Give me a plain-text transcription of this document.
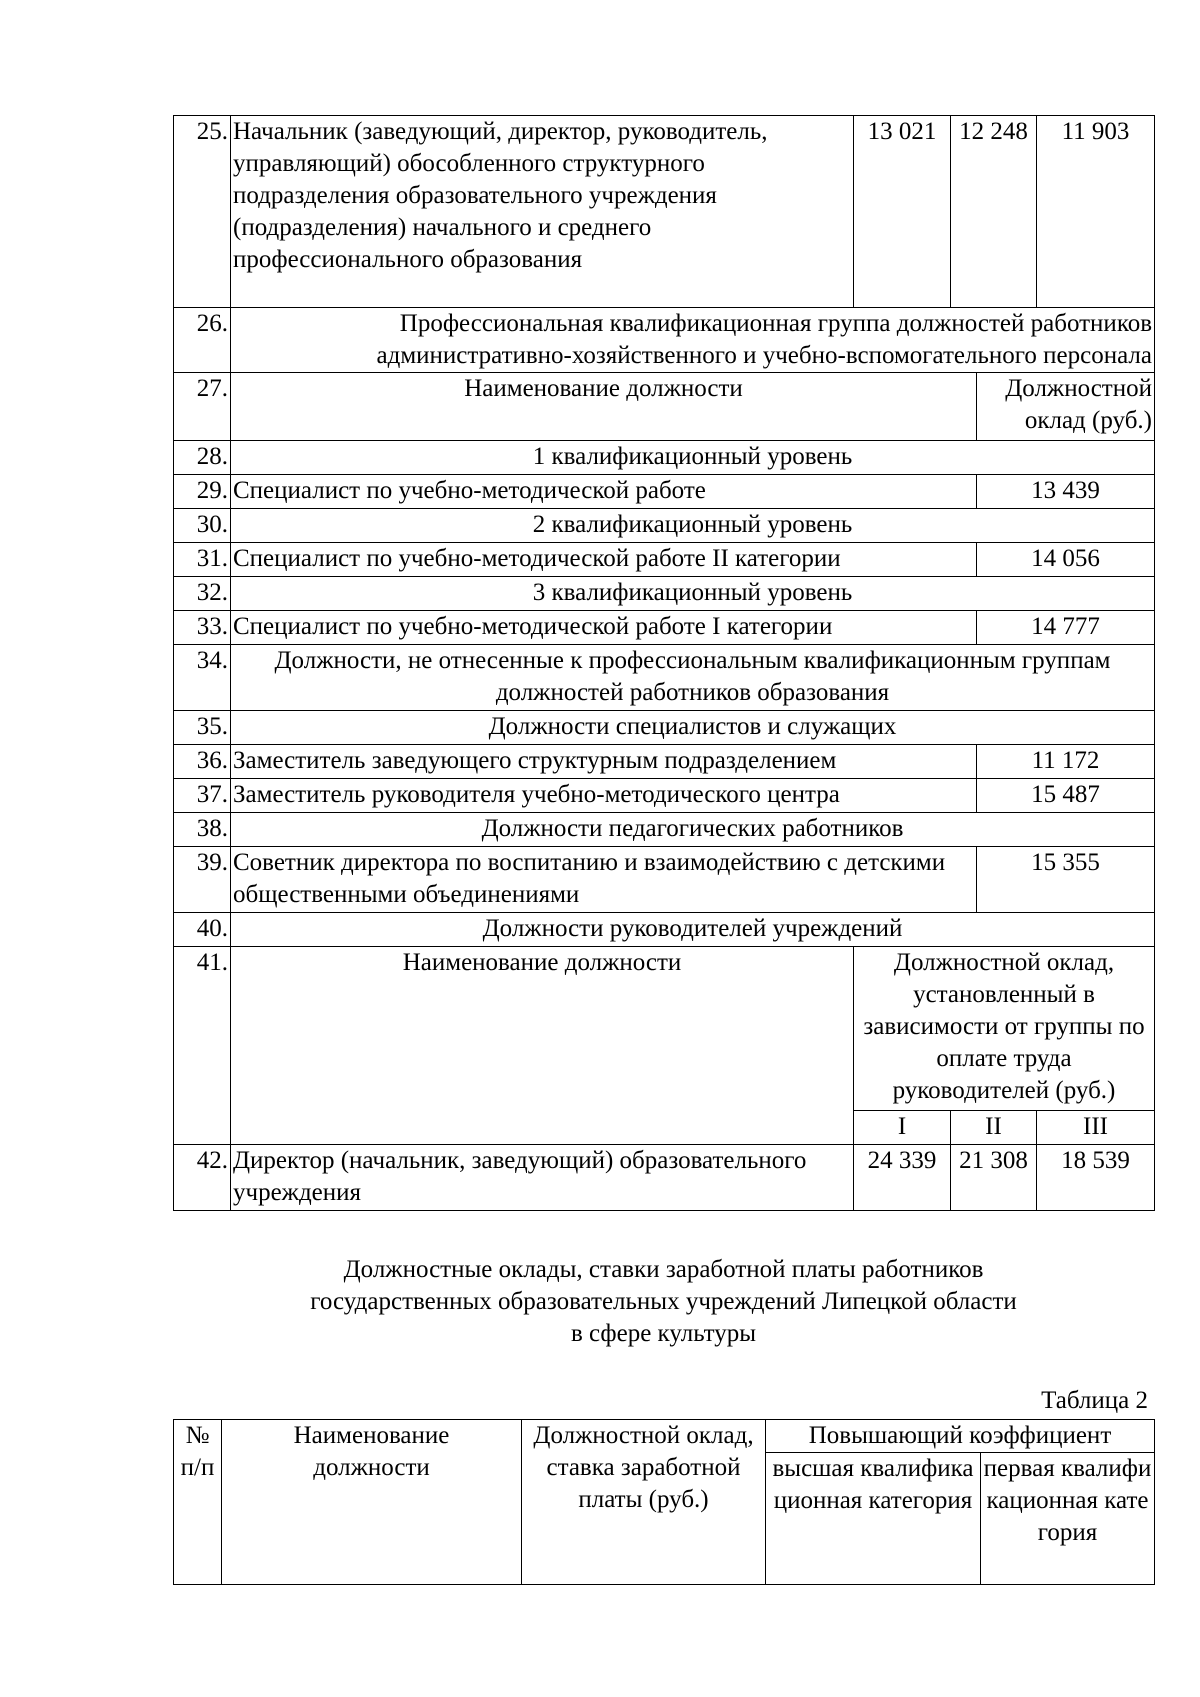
25.	Начальник (заведующий, директор, руководитель, управляющий) обособленного структурного подразделения образовательного учреждения (подразделения) начального и среднего профессионального образования	13 021	12 248		11 903
26.	Профессиональная квалификационная группа должностей работников административно-хозяйственного и учебно-вспомогательного персонала				
27.	Наименование должности			Должностной оклад (руб.)	
28.	1 квалификационный уровень				
29.	Специалист по учебно-методической работе			13 439	
30.	2 квалификационный уровень				
31.	Специалист по учебно-методической работе II категории			14 056	
32.	3 квалификационный уровень				
33.	Специалист по учебно-методической работе I категории			14 777	
34.	Должности, не отнесенные к профессиональным квалификационным группам должностей работников образования				
35.	Должности специалистов и служащих				
36.	Заместитель заведующего структурным подразделением			11 172	
37.	Заместитель руководителя учебно-методического центра			15 487	
38.	Должности педагогических работников				
39.	Советник директора по воспитанию и взаимодействию с детскими общественными объединениями			15 355	
40.	Должности руководителей учреждений				
41.	Наименование должности	Должностной оклад, установленный в зависимости от группы по оплате труда руководителей (руб.)			
		I	II		III
42.	Директор (начальник, заведующий) образовательного учреждения	24 339	21 308		18 539
Должностные оклады, ставки заработной платы работников
государственных образовательных учреждений Липецкой области
в сфере культуры
Таблица 2
№ п/п	Наименование должности	Должностной оклад, ставка заработной платы (руб.)	Повышающий коэффициент	
			высшая квалификационная категория	первая квалификационная категория
